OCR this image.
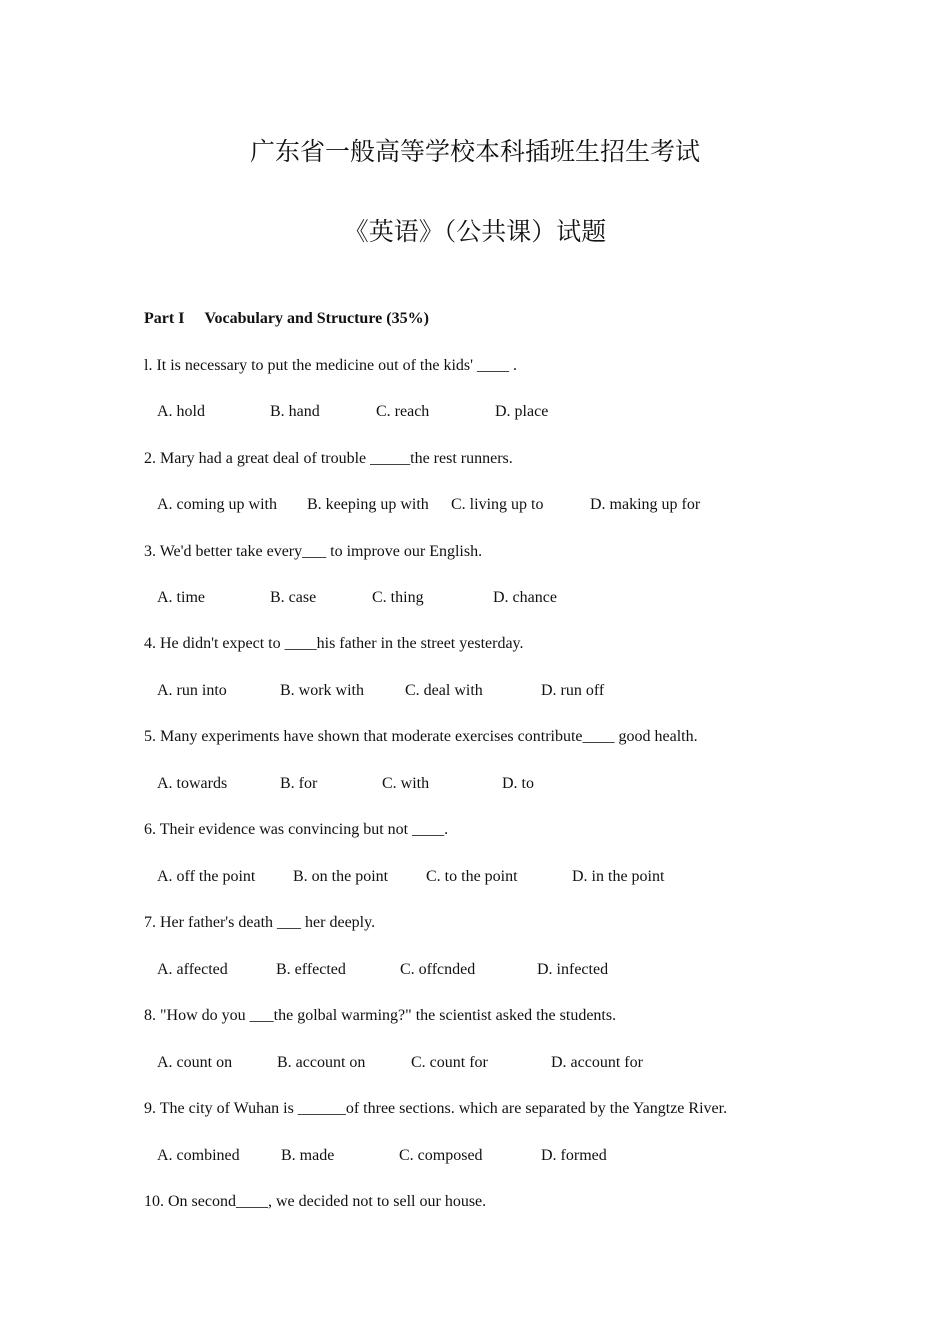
广东省一般高等学校本科插班生招生考试
《英语》（公共课）试题
Part I Vocabulary and Structure (35%)
l. It is necessary to put the medicine out of the kids' ____ .
A. hold	B. hand	C. reach	D. place
2. Mary had a great deal of trouble _____the rest runners.
A. coming up with B. keeping up with C. living up to	D. making up for
3. We'd better take every___ to improve our English.
A. time	B. case	C. thing	D. chance
4. He didn't expect to ____his father in the street yesterday.
A. run into	B. work with	C. deal with	D. run off
5. Many experiments have shown that moderate exercises contribute____ good health.
A. towards	B. for	C. with	D. to
6. Their evidence was convincing but not ____.
A. off the point B. on the point C. to the point	D. in the point
7. Her father's death ___ her deeply.
A. affected	B. effected	C. offcnded	D. infected
8. "How do you ___the golbal warming?" the scientist asked the students.
A. count on	B. account on	C. count for	D. account for
9. The city of Wuhan is ______of three sections. which are separated by the Yangtze River.
A. combined	B. made	C. composed	D. formed
10. On second____, we decided not to sell our house.
